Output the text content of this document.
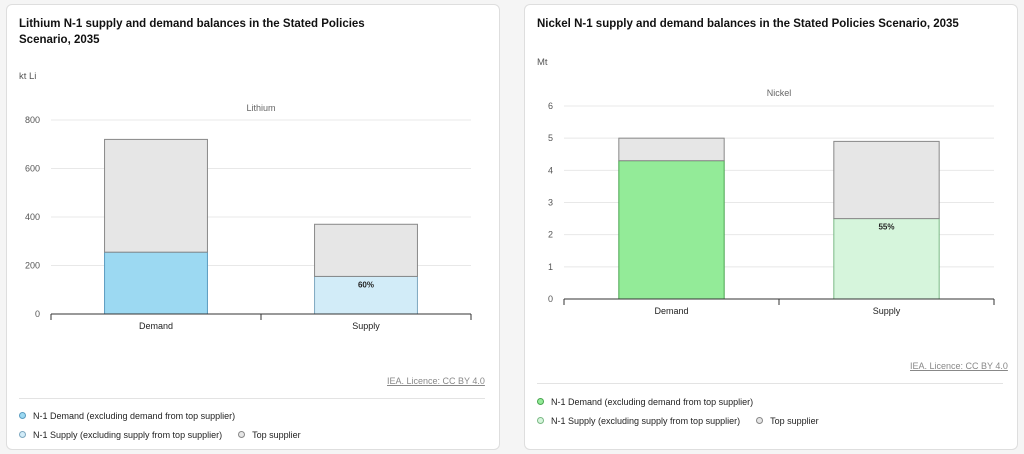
Lithium N-1 supply and demand balances in the Stated Policies Scenario, 2035
kt Li
Lithium
0
200
400
600
800
Demand	Supply
60%
IEA. Licence: CC BY 4.0
N-1 Demand (excluding demand from top supplier)
N-1 Supply (excluding supply from top supplier)	Top supplier
Nickel N-1 supply and demand balances in the Stated Policies Scenario, 2035
Mt
Nickel
0
1
2
3
4
5
6
Demand	Supply
55%
IEA. Licence: CC BY 4.0
N-1 Demand (excluding demand from top supplier)
N-1 Supply (excluding supply from top supplier)	Top supplier
